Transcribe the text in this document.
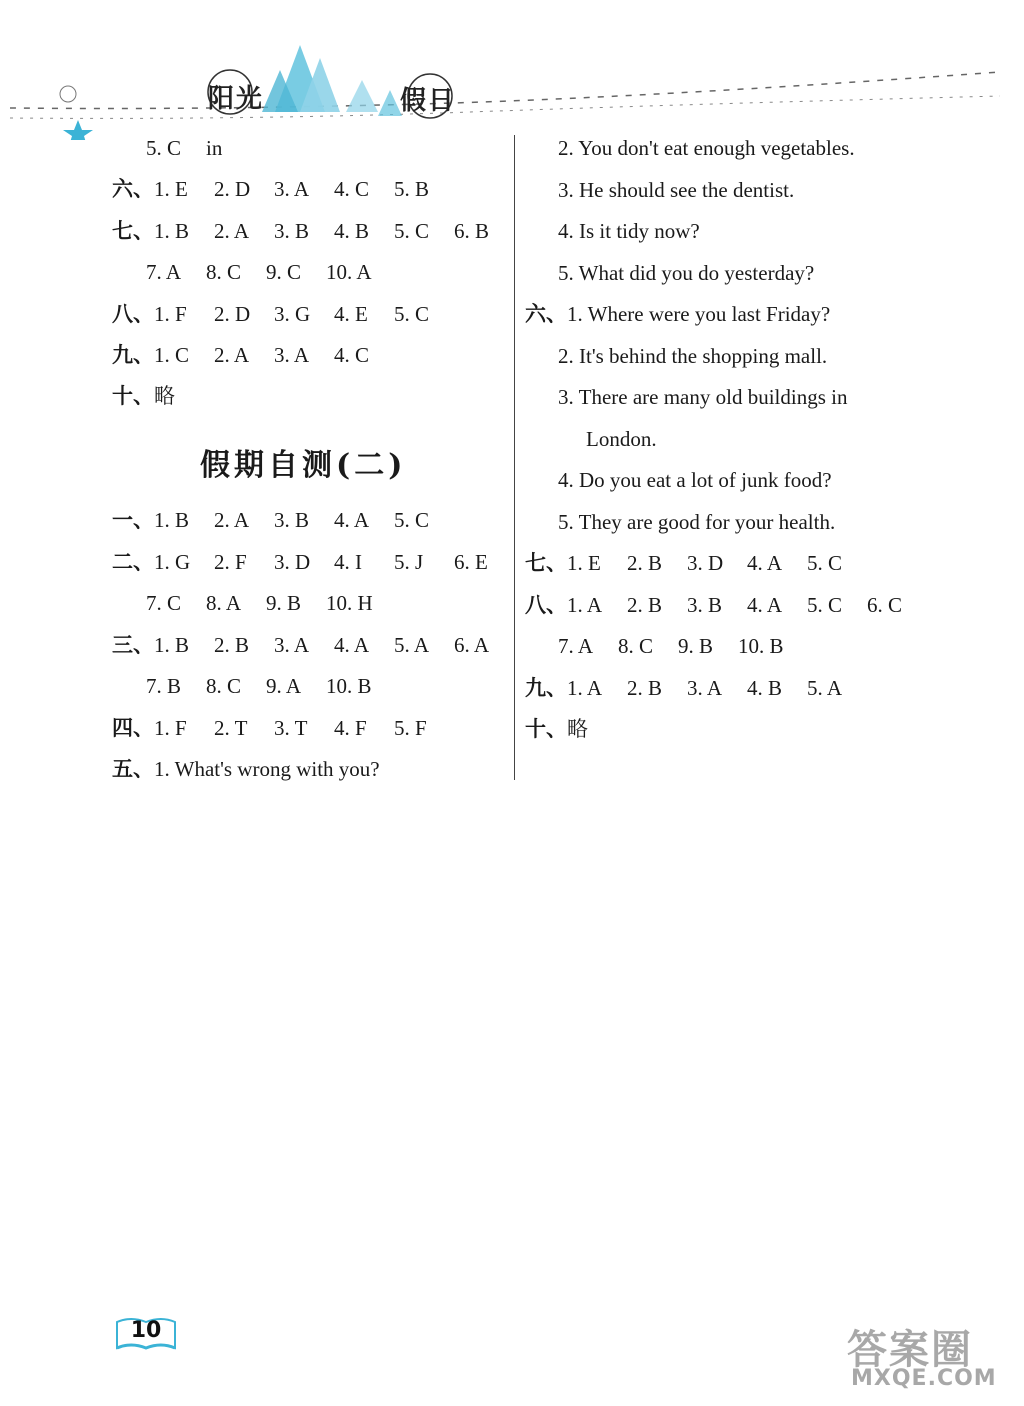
阳光	假日
5. C in
六、1. E 2. D 3. A 4. C 5. B
七、1. B 2. A 3. B 4. B 5. C 6. B
7. A 8. C 9. C 10. A
八、1. F 2. D 3. G 4. E 5. C
九、1. C 2. A 3. A 4. C
十、略
假期自测(二)
一、1. B 2. A 3. B 4. A 5. C
二、1. G 2. F 3. D 4. I 5. J 6. E
7. C 8. A 9. B 10. H
三、1. B 2. B 3. A 4. A 5. A 6. A
7. B 8. C 9. A 10. B
四、1. F 2. T 3. T 4. F 5. F
五、1. What's wrong with you?
2. You don't eat enough vegetables.
3. He should see the dentist.
4. Is it tidy now?
5. What did you do yesterday?
六、1. Where were you last Friday?
2. It's behind the shopping mall.
3. There are many old buildings in
London.
4. Do you eat a lot of junk food?
5. They are good for your health.
七、1. E 2. B 3. D 4. A 5. C
八、1. A 2. B 3. B 4. A 5. C 6. C
7. A 8. C 9. B 10. B
九、1. A 2. B 3. A 4. B 5. A
十、略
10	答案圈
MXQE.COM
